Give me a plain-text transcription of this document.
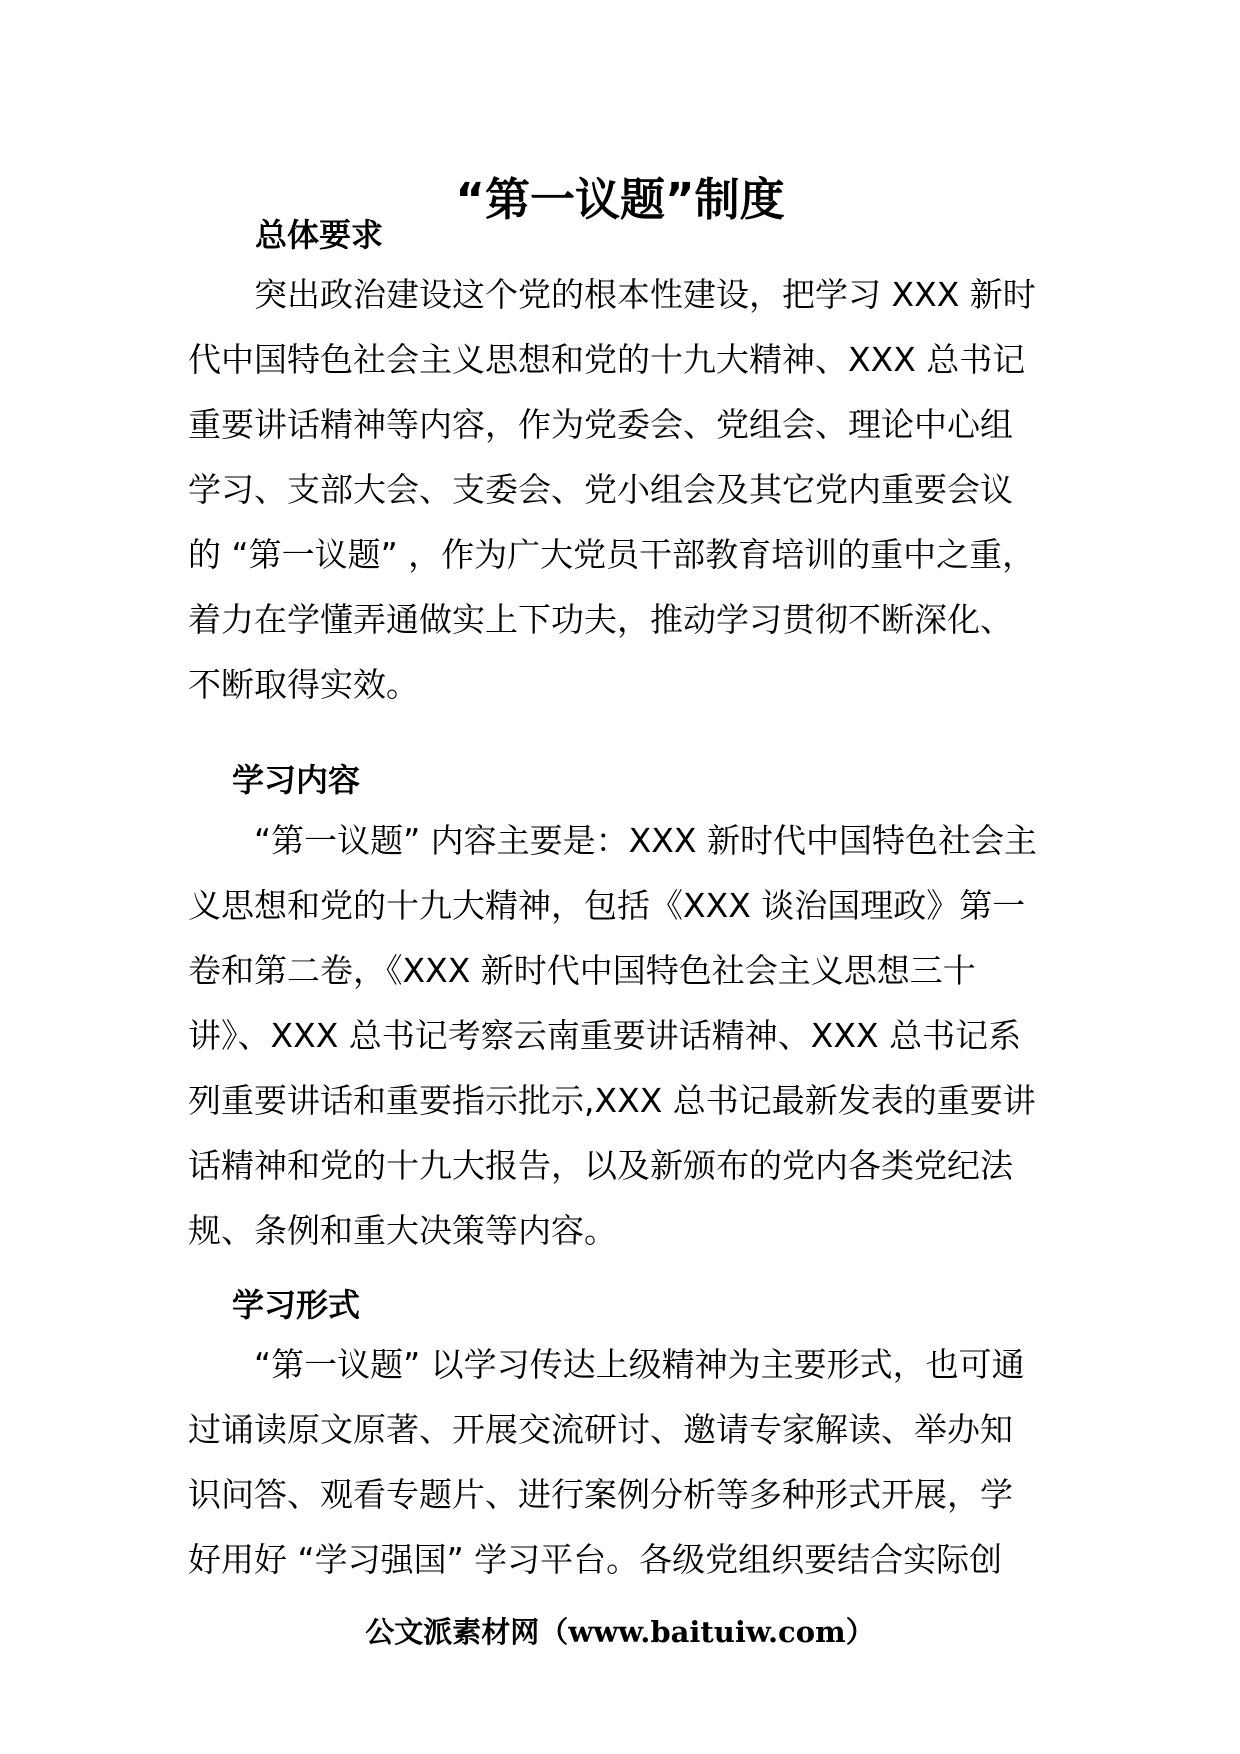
“第一议题”制度
总体要求
突出政治建设这个党的根本性建设，把学习 XXX 新时
代中国特色社会主义思想和党的十九大精神、XXX 总书记
重要讲话精神等内容，作为党委会、党组会、理论中心组
学习、支部大会、支委会、党小组会及其它党内重要会议
的 “第一议题” ，作为广大党员干部教育培训的重中之重，
着力在学懂弄通做实上下功夫，推动学习贯彻不断深化、
不断取得实效。
学习内容
“第一议题” 内容主要是：XXX 新时代中国特色社会主
义思想和党的十九大精神，包括《XXX 谈治国理政》第一
卷和第二卷，《XXX 新时代中国特色社会主义思想三十
讲》、XXX 总书记考察云南重要讲话精神、XXX 总书记系
列重要讲话和重要指示批示,XXX 总书记最新发表的重要讲
话精神和党的十九大报告，以及新颁布的党内各类党纪法
规、条例和重大决策等内容。
学习形式
“第一议题” 以学习传达上级精神为主要形式，也可通
过诵读原文原著、开展交流研讨、邀请专家解读、举办知
识问答、观看专题片、进行案例分析等多种形式开展，学
好用好 “学习强国” 学习平台。各级党组织要结合实际创
公文派素材网（www.baituiw.com）
